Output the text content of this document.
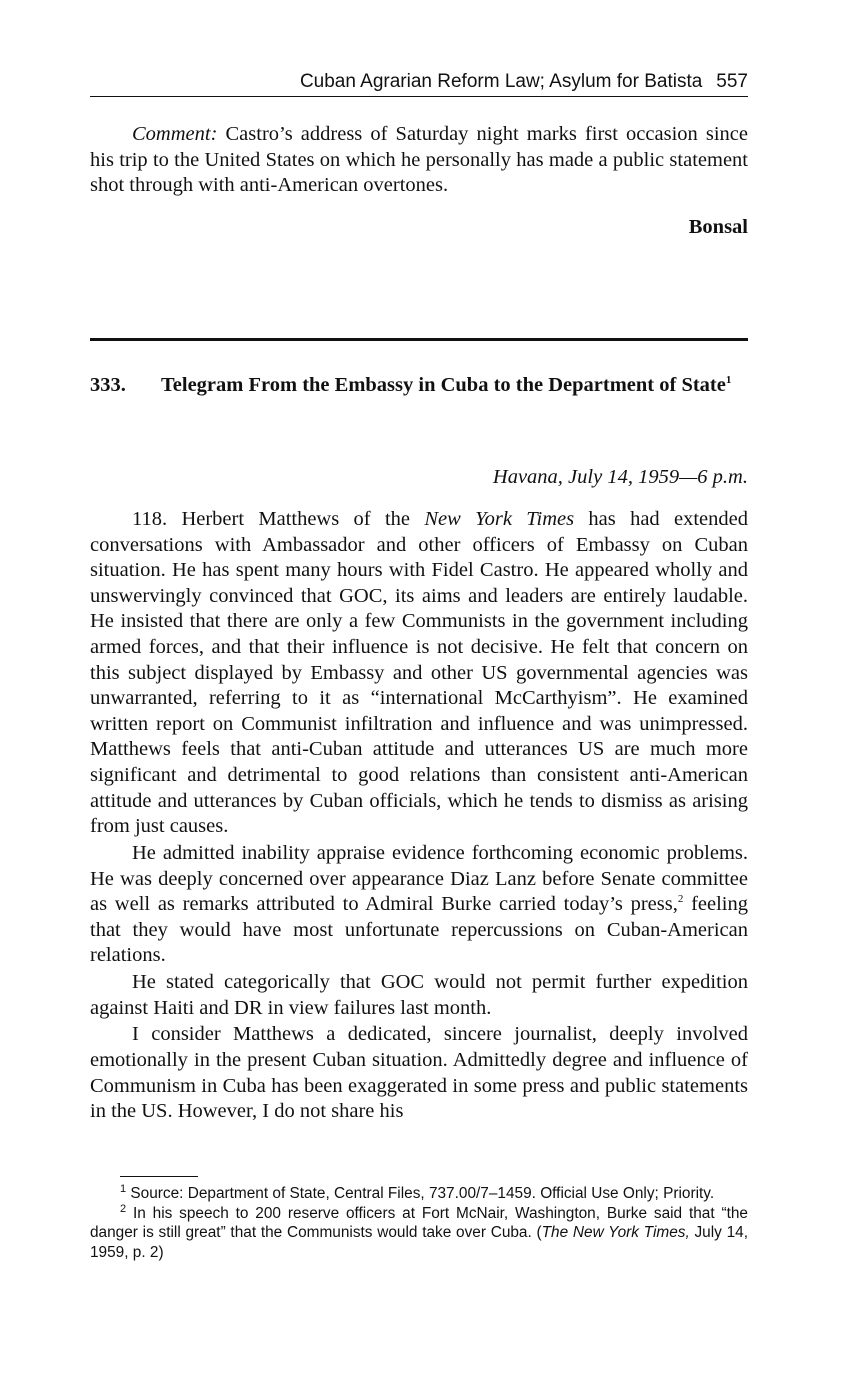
Cuban Agrarian Reform Law; Asylum for Batista 557

Comment: Castro’s address of Saturday night marks first occasion since his trip to the United States on which he personally has made a public statement shot through with anti-American overtones.

Bonsal
333. Telegram From the Embassy in Cuba to the Department of State$^1$
Havana, July 14, 1959—6 p.m.

118. Herbert Matthews of the New York Times has had extended conversations with Ambassador and other officers of Embassy on Cuban situation. He has spent many hours with Fidel Castro. He appeared wholly and unswervingly convinced that GOC, its aims and leaders are entirely laudable. He insisted that there are only a few Communists in the government including armed forces, and that their influence is not decisive. He felt that concern on this subject displayed by Embassy and other US governmental agencies was unwarranted, referring to it as “international McCarthyism”. He examined written report on Communist infiltration and influence and was unimpressed. Matthews feels that anti-Cuban attitude and utterances US are much more significant and detrimental to good relations than consistent anti-American attitude and utterances by Cuban officials, which he tends to dismiss as arising from just causes.

He admitted inability appraise evidence forthcoming economic problems. He was deeply concerned over appearance Diaz Lanz before Senate committee as well as remarks attributed to Admiral Burke carried today’s press,$^2$ feeling that they would have most unfortunate repercussions on Cuban-American relations.

He stated categorically that GOC would not permit further expedition against Haiti and DR in view failures last month.

I consider Matthews a dedicated, sincere journalist, deeply involved emotionally in the present Cuban situation. Admittedly degree and influence of Communism in Cuba has been exaggerated in some press and public statements in the US. However, I do not share his

$^1$ Source: Department of State, Central Files, 737.00/7–1459. Official Use Only; Priority.

$^2$ In his speech to 200 reserve officers at Fort McNair, Washington, Burke said that “the danger is still great” that the Communists would take over Cuba. (The New York Times, July 14, 1959, p. 2)
